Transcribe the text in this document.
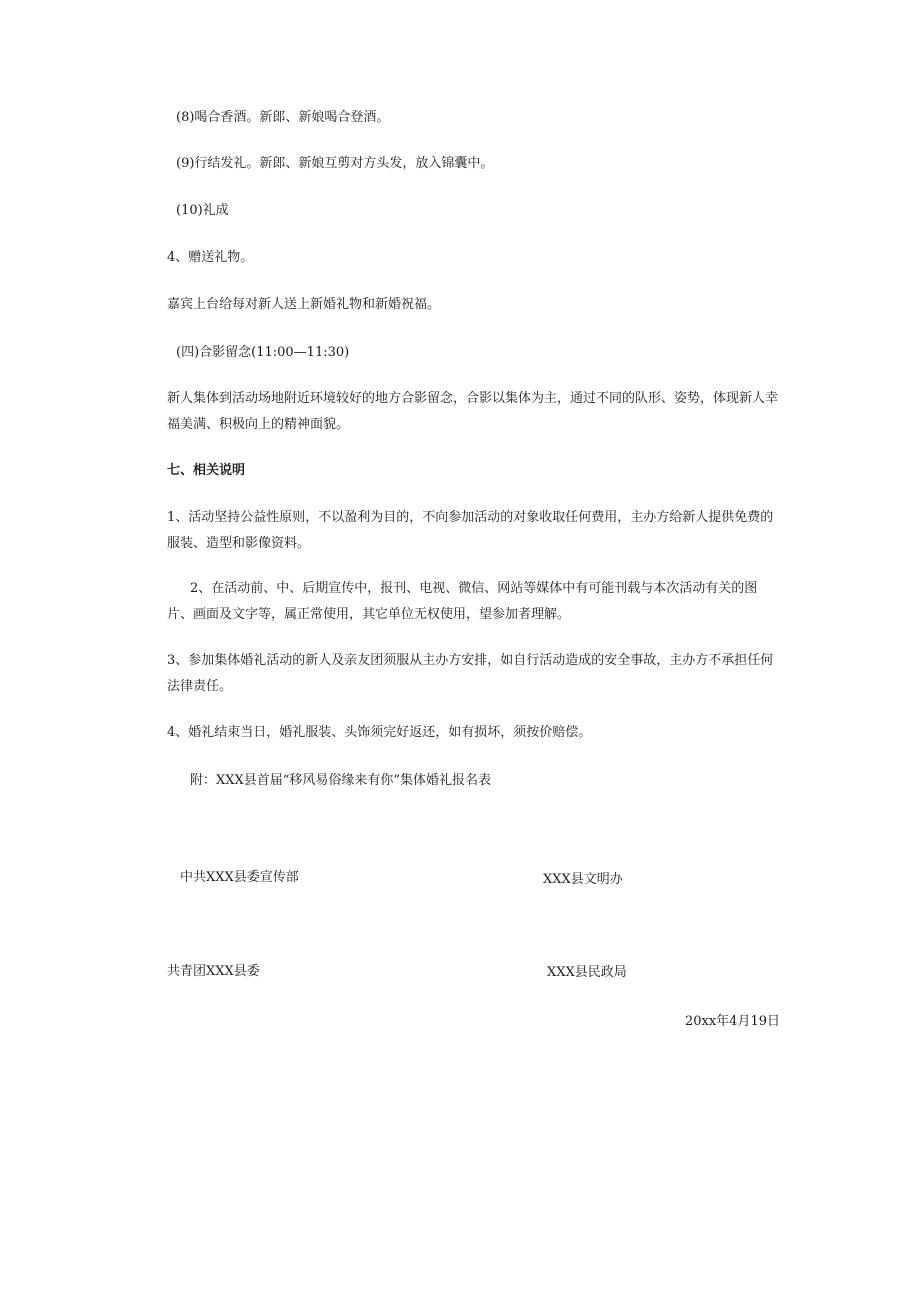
(8)喝合香酒。新郎、新娘喝合登酒。

(9)行结发礼。新郎、新娘互剪对方头发，放入锦囊中。

(10)礼成

4、赠送礼物。

嘉宾上台给每对新人送上新婚礼物和新婚祝福。

(四)合影留念(11:00—11:30)

新人集体到活动场地附近环境较好的地方合影留念，合影以集体为主，通过不同的队形、姿势，体现新人幸福美满、积极向上的精神面貌。

七、相关说明

1、活动坚持公益性原则，不以盈利为目的，不向参加活动的对象收取任何费用，主办方给新人提供免费的服装、造型和影像资料。

2、在活动前、中、后期宣传中，报刊、电视、微信、网站等媒体中有可能刊载与本次活动有关的图片、画面及文字等，属正常使用，其它单位无权使用，望参加者理解。

3、参加集体婚礼活动的新人及亲友团须服从主办方安排，如自行活动造成的安全事故，主办方不承担任何法律责任。

4、婚礼结束当日，婚礼服装、头饰须完好返还，如有损坏，须按价赔偿。

附：XXX县首届“移风易俗缘来有你”集体婚礼报名表

中共XXX县委宣传部	XXX县文明办
共青团XXX县委	XXX县民政局
20xx年4月19日
